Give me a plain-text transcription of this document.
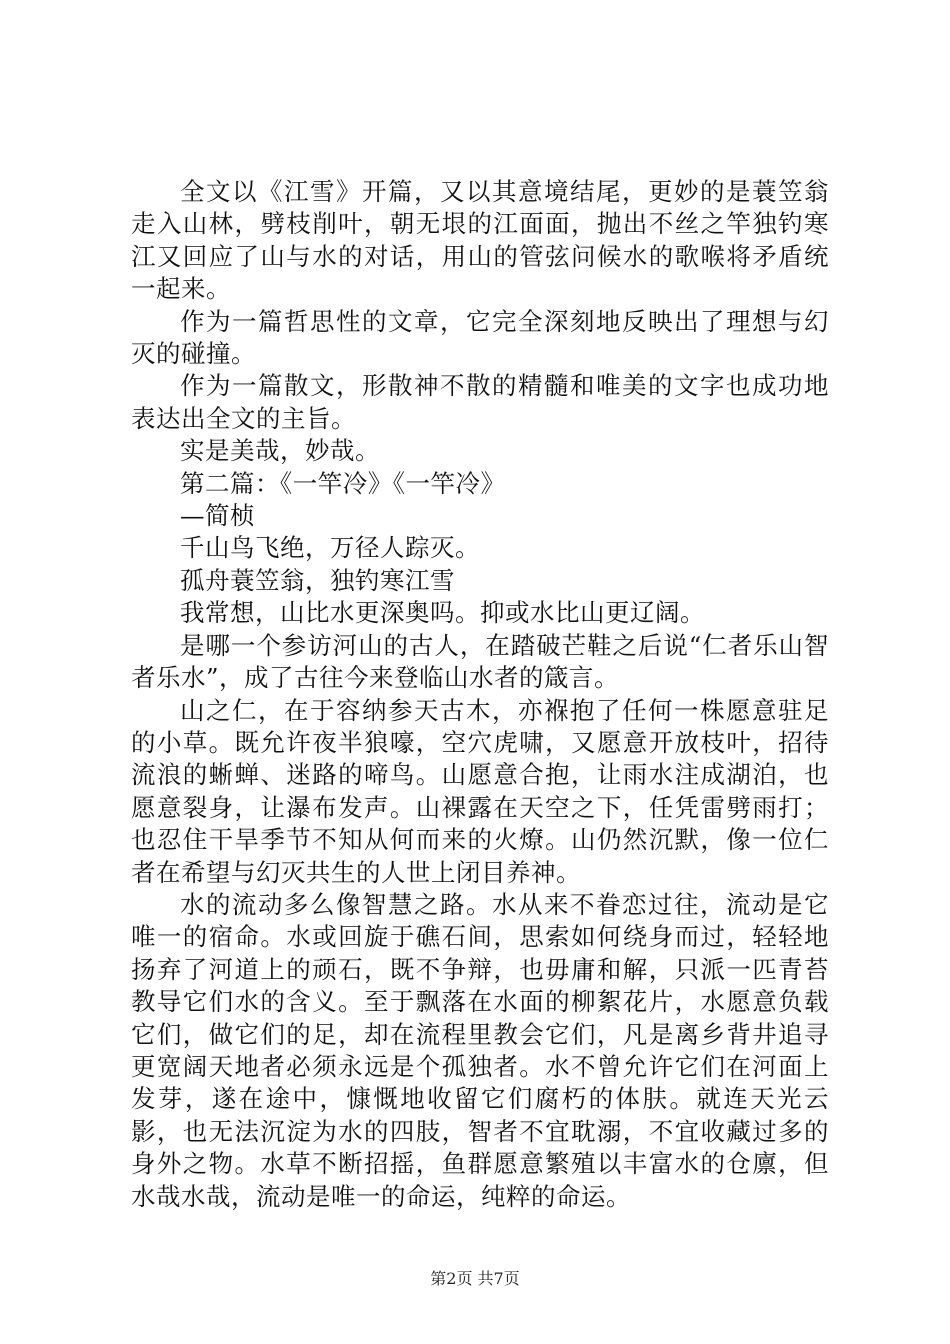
全文以《江雪》开篇，又以其意境结尾，更妙的是蓑笠翁走入山林，劈枝削叶，朝无垠的江面面，抛出不丝之竿独钓寒江又回应了山与水的对话，用山的管弦问候水的歌喉将矛盾统一起来。

作为一篇哲思性的文章，它完全深刻地反映出了理想与幻灭的碰撞。

作为一篇散文，形散神不散的精髓和唯美的文字也成功地表达出全文的主旨。

实是美哉，妙哉。

第二篇：《一竿冷》《一竿冷》

—简桢

千山鸟飞绝，万径人踪灭。

孤舟蓑笠翁，独钓寒江雪

我常想，山比水更深奥吗。抑或水比山更辽阔。

是哪一个参访河山的古人，在踏破芒鞋之后说“仁者乐山智者乐水”，成了古往今来登临山水者的箴言。

山之仁，在于容纳参天古木，亦褓抱了任何一株愿意驻足的小草。既允许夜半狼嚎，空穴虎啸，又愿意开放枝叶，招待流浪的蜥蝉、迷路的啼鸟。山愿意合抱，让雨水注成湖泊，也愿意裂身，让瀑布发声。山裸露在天空之下，任凭雷劈雨打；也忍住干旱季节不知从何而来的火燎。山仍然沉默，像一位仁者在希望与幻灭共生的人世上闭目养神。

水的流动多么像智慧之路。水从来不眷恋过往，流动是它唯一的宿命。水或回旋于礁石间，思索如何绕身而过，轻轻地扬弃了河道上的顽石，既不争辩，也毋庸和解，只派一匹青苔教导它们水的含义。至于飘落在水面的柳絮花片，水愿意负载它们，做它们的足，却在流程里教会它们，凡是离乡背井追寻更宽阔天地者必须永远是个孤独者。水不曾允许它们在河面上发芽，遂在途中，慷慨地收留它们腐朽的体肤。就连天光云影，也无法沉淀为水的四肢，智者不宜耽溺，不宜收藏过多的身外之物。水草不断招摇，鱼群愿意繁殖以丰富水的仓廪，但水哉水哉，流动是唯一的命运，纯粹的命运。

第2页 共7页
